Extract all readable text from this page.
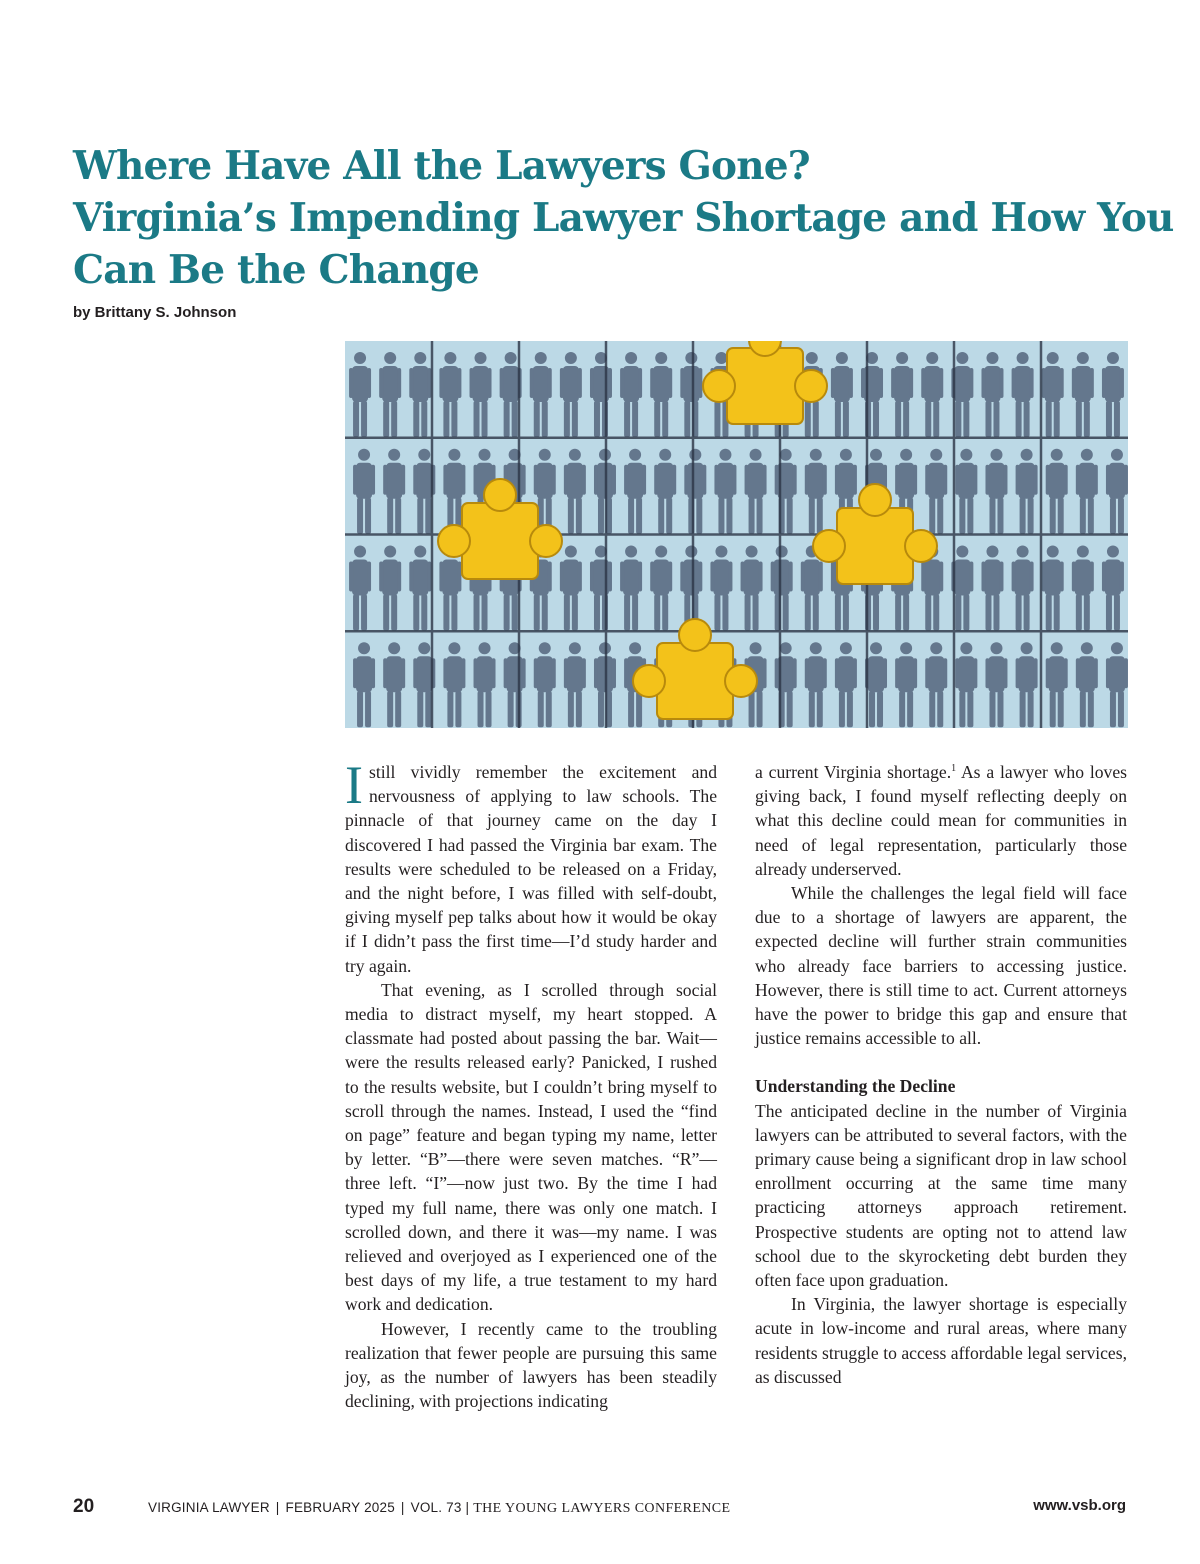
Where Have All the Lawyers Gone?
Virginia’s Impending Lawyer Shortage and How You
Can Be the Change

by Brittany S. Johnson

I still vividly remember the excitement and nervousness of applying to law schools. The pinnacle of that journey came on the day I discovered I had passed the Virginia bar exam. The results were scheduled to be released on a Friday, and the night before, I was filled with self-doubt, giving myself pep talks about how it would be okay if I didn’t pass the first time—I’d study harder and try again.

That evening, as I scrolled through social media to distract myself, my heart stopped. A classmate had posted about passing the bar. Wait—were the results released early? Panicked, I rushed to the results website, but I couldn’t bring myself to scroll through the names. Instead, I used the “find on page” feature and began typing my name, letter by letter. “B”—there were seven matches. “R”—three left. “I”—now just two. By the time I had typed my full name, there was only one match. I scrolled down, and there it was—my name. I was relieved and overjoyed as I experienced one of the best days of my life, a true testament to my hard work and dedication.

However, I recently came to the troubling realization that fewer people are pursuing this same joy, as the number of lawyers has been steadily declining, with projections indicating

a current Virginia shortage.$^1$ As a lawyer who loves giving back, I found myself reflecting deeply on what this decline could mean for communities in need of legal representation, particularly those already underserved.

While the challenges the legal field will face due to a shortage of lawyers are apparent, the expected decline will further strain communities who already face barriers to accessing justice. However, there is still time to act. Current attorneys have the power to bridge this gap and ensure that justice remains accessible to all.

Understanding the Decline

The anticipated decline in the number of Virginia lawyers can be attributed to several factors, with the primary cause being a significant drop in law school enrollment occurring at the same time many practicing attorneys approach retirement. Prospective students are opting not to attend law school due to the skyrocketing debt burden they often face upon graduation.

In Virginia, the lawyer shortage is especially acute in low-income and rural areas, where many residents struggle to access affordable legal services, as discussed

20	VIRGINIA LAWYER | FEBRUARY 2025 | VOL. 73 | THE YOUNG LAWYERS CONFERENCE	www.vsb.org
